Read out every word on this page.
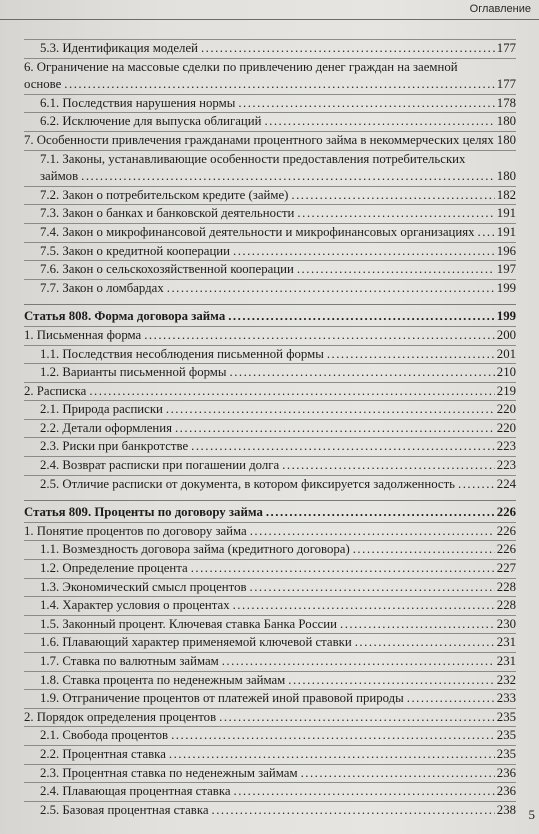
Оглавление
5.3. Идентификация моделей .....	177
6. Ограничение на массовые сделки по привлечению денег граждан на заемной основе .....	177
6.1. Последствия нарушения нормы .....	178
6.2. Исключение для выпуска облигаций .....	180
7. Особенности привлечения гражданами процентного займа в некоммерческих целях ..... 180
7.1. Законы, устанавливающие особенности предоставления потребительских займов .....	180
7.2. Закон о потребительском кредите (займе) .....	182
7.3. Закон о банках и банковской деятельности .....	191
7.4. Закон о микрофинансовой деятельности и микрофинансовых организациях .....	191
7.5. Закон о кредитной кооперации .....	196
7.6. Закон о сельскохозяйственной кооперации .....	197
7.7. Закон о ломбардах .....	199
Статья 808. Форма договора займа .....	199
1. Письменная форма .....	200
1.1. Последствия несоблюдения письменной формы .....	201
1.2. Варианты письменной формы .....	210
2. Расписка .....	219
2.1. Природа расписки .....	220
2.2. Детали оформления .....	220
2.3. Риски при банкротстве .....	223
2.4. Возврат расписки при погашении долга .....	223
2.5. Отличие расписки от документа, в котором фиксируется задолженность .....	224
Статья 809. Проценты по договору займа .....	226
1. Понятие процентов по договору займа .....	226
1.1. Возмездность договора займа (кредитного договора) .....	226
1.2. Определение процента .....	227
1.3. Экономический смысл процентов .....	228
1.4. Характер условия о процентах .....	228
1.5. Законный процент. Ключевая ставка Банка России .....	230
1.6. Плавающий характер применяемой ключевой ставки .....	231
1.7. Ставка по валютным займам .....	231
1.8. Ставка процента по неденежным займам .....	232
1.9. Отграничение процентов от платежей иной правовой природы .....	233
2. Порядок определения процентов .....	235
2.1. Свобода процентов .....	235
2.2. Процентная ставка .....	235
2.3. Процентная ставка по неденежным займам .....	236
2.4. Плавающая процентная ставка .....	236
2.5. Базовая процентная ставка .....	238 5
